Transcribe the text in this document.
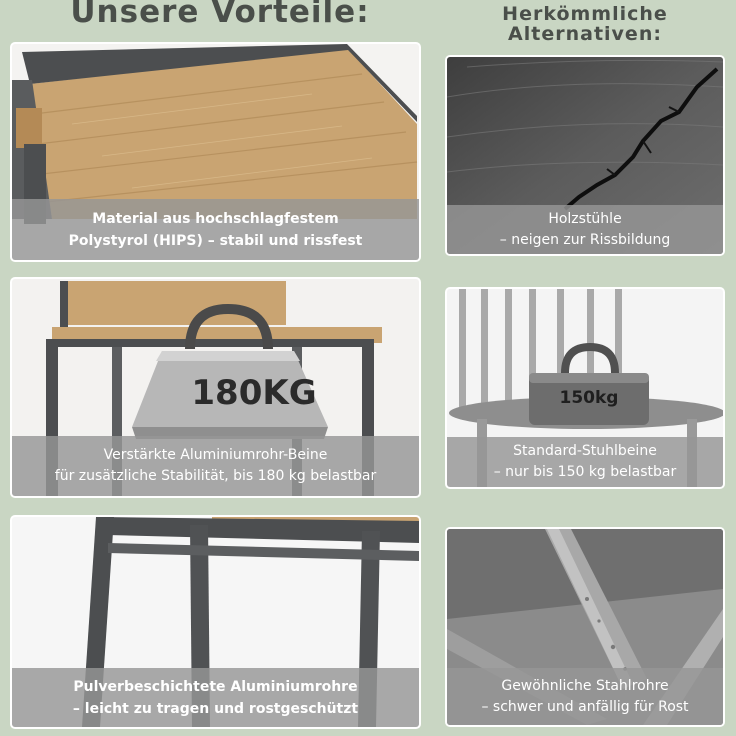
Unsere Vorteile:	Herkömmliche
Alternativen:
Material aus hochschlagfestem
Polystyrol (HIPS) – stabil und rissfest
Holzstühle
– neigen zur Rissbildung
180KG
Verstärkte Aluminiumrohr-Beine
für zusätzliche Stabilität, bis 180 kg belastbar
150kg
Standard-Stuhlbeine
– nur bis 150 kg belastbar
Pulverbeschichtete Aluminiumrohre
– leicht zu tragen und rostgeschützt
Gewöhnliche Stahlrohre
– schwer und anfällig für Rost
